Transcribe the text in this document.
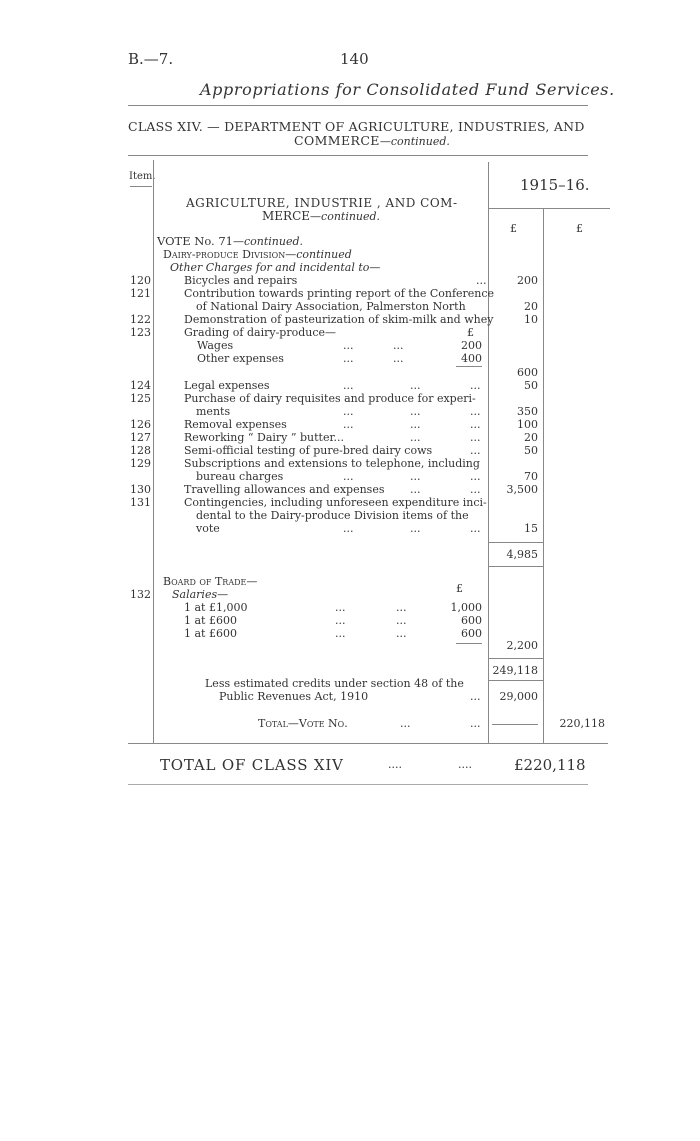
B.—7.	140
Appropriations for Consolidated Fund Services.
CLASS XIV. — DEPARTMENT OF AGRICULTURE, INDUSTRIES, AND
COMMERCE—continued.
Item.	1915–16.
£	£
AGRICULTURE, INDUSTRIE , AND COM-
MERCE—continued.
VOTE No. 71—continued.
Dairy-produce Division—continued
Other Charges for and incidental to—
120	Bicycles and repairs	...	200
121	Contribution towards printing report of the Conference
of National Dairy Association, Palmerston North	20
122	Demonstration of pasteurization of skim-milk and whey	10
123	Grading of dairy-produce—	£
Wages	...	...	200
Other expenses	...	...	400
600
124	Legal expenses	...	...	...	50
125	Purchase of dairy requisites and produce for experi-
ments	...	...	...	350
126	Removal expenses	...	...	...	100
127	Reworking “ Dairy ” butter...	...	...	20
128	Semi-official testing of pure-bred dairy cows	...	50
129	Subscriptions and extensions to telephone, including
bureau charges	...	...	...	70
130	Travelling allowances and expenses ...	...	3,500
131	Contingencies, including unforeseen expenditure inci-
dental to the Dairy-produce Division items of the
vote	...	...	...	15
4,985
Board of Trade—
132 Salaries—	£
1 at £1,000	...	...	1,000
1 at £600	...	...	600
1 at £600	...	...	600
2,200
249,118
Less estimated credits under section 48 of the
Public Revenues Act, 1910	...	29,000
Total—Vote No.	...	...	220,118
TOTAL OF CLASS XIV	....	....	£220,118
